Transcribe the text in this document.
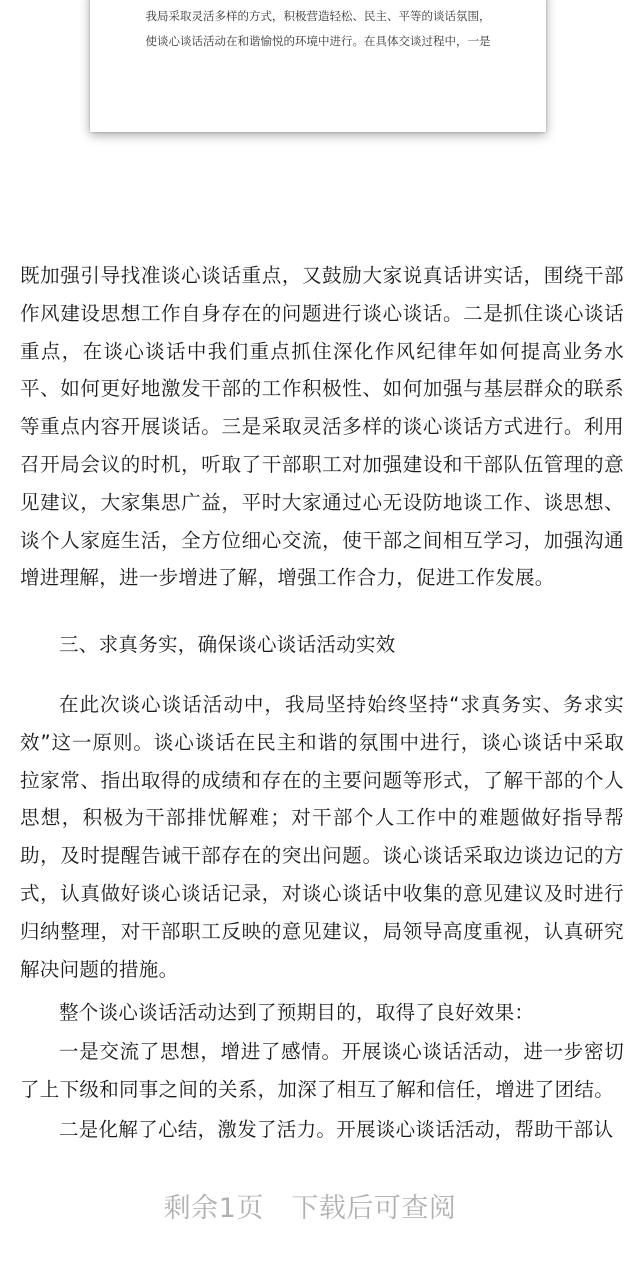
我局采取灵活多样的方式，积极营造轻松、民主、平等的谈话氛围，
使谈心谈话活动在和谐愉悦的环境中进行。在具体交谈过程中，一是

既加强引导找准谈心谈话重点，又鼓励大家说真话讲实话，围绕干部作风建设思想工作自身存在的问题进行谈心谈话。二是抓住谈心谈话重点，在谈心谈话中我们重点抓住深化作风纪律年如何提高业务水平、如何更好地激发干部的工作积极性、如何加强与基层群众的联系等重点内容开展谈话。三是采取灵活多样的谈心谈话方式进行。利用召开局会议的时机，听取了干部职工对加强建设和干部队伍管理的意见建议，大家集思广益，平时大家通过心无设防地谈工作、谈思想、谈个人家庭生活，全方位细心交流，使干部之间相互学习，加强沟通增进理解，进一步增进了解，增强工作合力，促进工作发展。

三、求真务实，确保谈心谈话活动实效

在此次谈心谈话活动中，我局坚持始终坚持“求真务实、务求实效”这一原则。谈心谈话在民主和谐的氛围中进行，谈心谈话中采取拉家常、指出取得的成绩和存在的主要问题等形式，了解干部的个人思想，积极为干部排忧解难；对干部个人工作中的难题做好指导帮助，及时提醒告诫干部存在的突出问题。谈心谈话采取边谈边记的方式，认真做好谈心谈话记录，对谈心谈话中收集的意见建议及时进行归纳整理，对干部职工反映的意见建议，局领导高度重视，认真研究解决问题的措施。

整个谈心谈话活动达到了预期目的，取得了良好效果：

一是交流了思想，增进了感情。开展谈心谈话活动，进一步密切了上下级和同事之间的关系，加深了相互了解和信任，增进了团结。

二是化解了心结，激发了活力。开展谈心谈话活动，帮助干部认

剩余1页　下载后可查阅
